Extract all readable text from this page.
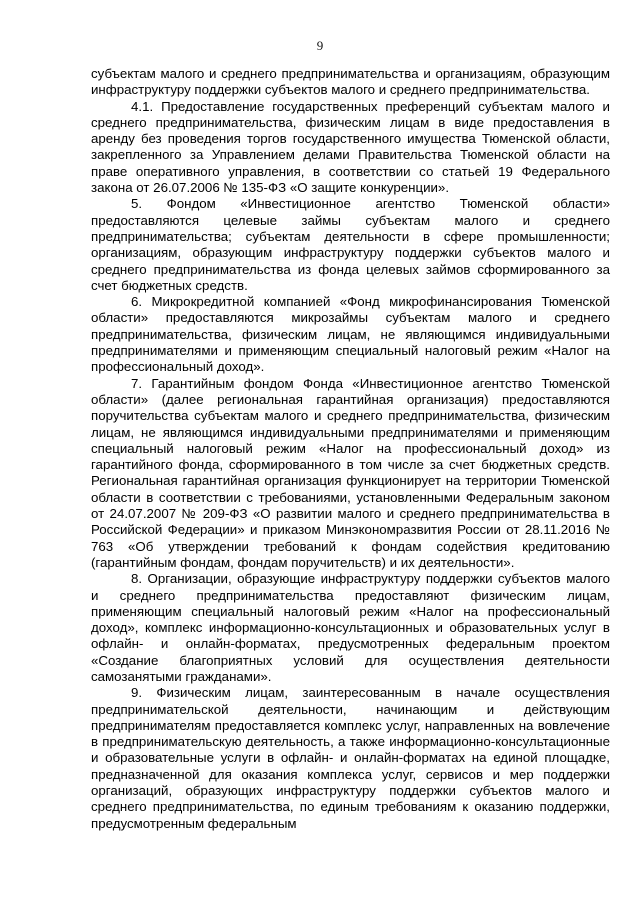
9

субъектам малого и среднего предпринимательства и организациям, образующим инфраструктуру поддержки субъектов малого и среднего предпринимательства.

4.1. Предоставление государственных преференций субъектам малого и среднего предпринимательства, физическим лицам в виде предоставления в аренду без проведения торгов государственного имущества Тюменской области, закрепленного за Управлением делами Правительства Тюменской области на праве оперативного управления, в соответствии со статьей 19 Федерального закона от 26.07.2006 № 135-ФЗ «О защите конкуренции».

5. Фондом «Инвестиционное агентство Тюменской области» предоставляются целевые займы субъектам малого и среднего предпринимательства; субъектам деятельности в сфере промышленности; организациям, образующим инфраструктуру поддержки субъектов малого и среднего предпринимательства из фонда целевых займов сформированного за счет бюджетных средств.

6. Микрокредитной компанией «Фонд микрофинансирования Тюменской области» предоставляются микрозаймы субъектам малого и среднего предпринимательства, физическим лицам, не являющимся индивидуальными предпринимателями и применяющим специальный налоговый режим «Налог на профессиональный доход».

7. Гарантийным фондом Фонда «Инвестиционное агентство Тюменской области» (далее региональная гарантийная организация) предоставляются поручительства субъектам малого и среднего предпринимательства, физическим лицам, не являющимся индивидуальными предпринимателями и применяющим специальный налоговый режим «Налог на профессиональный доход» из гарантийного фонда, сформированного в том числе за счет бюджетных средств. Региональная гарантийная организация функционирует на территории Тюменской области в соответствии с требованиями, установленными Федеральным законом от 24.07.2007 № 209-ФЗ «О развитии малого и среднего предпринимательства в Российской Федерации» и приказом Минэкономразвития России от 28.11.2016 № 763 «Об утверждении требований к фондам содействия кредитованию (гарантийным фондам, фондам поручительств) и их деятельности».

8. Организации, образующие инфраструктуру поддержки субъектов малого и среднего предпринимательства предоставляют физическим лицам, применяющим специальный налоговый режим «Налог на профессиональный доход», комплекс информационно-консультационных и образовательных услуг в офлайн- и онлайн-форматах, предусмотренных федеральным проектом «Создание благоприятных условий для осуществления деятельности самозанятыми гражданами».

9. Физическим лицам, заинтересованным в начале осуществления предпринимательской деятельности, начинающим и действующим предпринимателям предоставляется комплекс услуг, направленных на вовлечение в предпринимательскую деятельность, а также информационно-консультационные и образовательные услуги в офлайн- и онлайн-форматах на единой площадке, предназначенной для оказания комплекса услуг, сервисов и мер поддержки организаций, образующих инфраструктуру поддержки субъектов малого и среднего предпринимательства, по единым требованиям к оказанию поддержки, предусмотренным федеральным
